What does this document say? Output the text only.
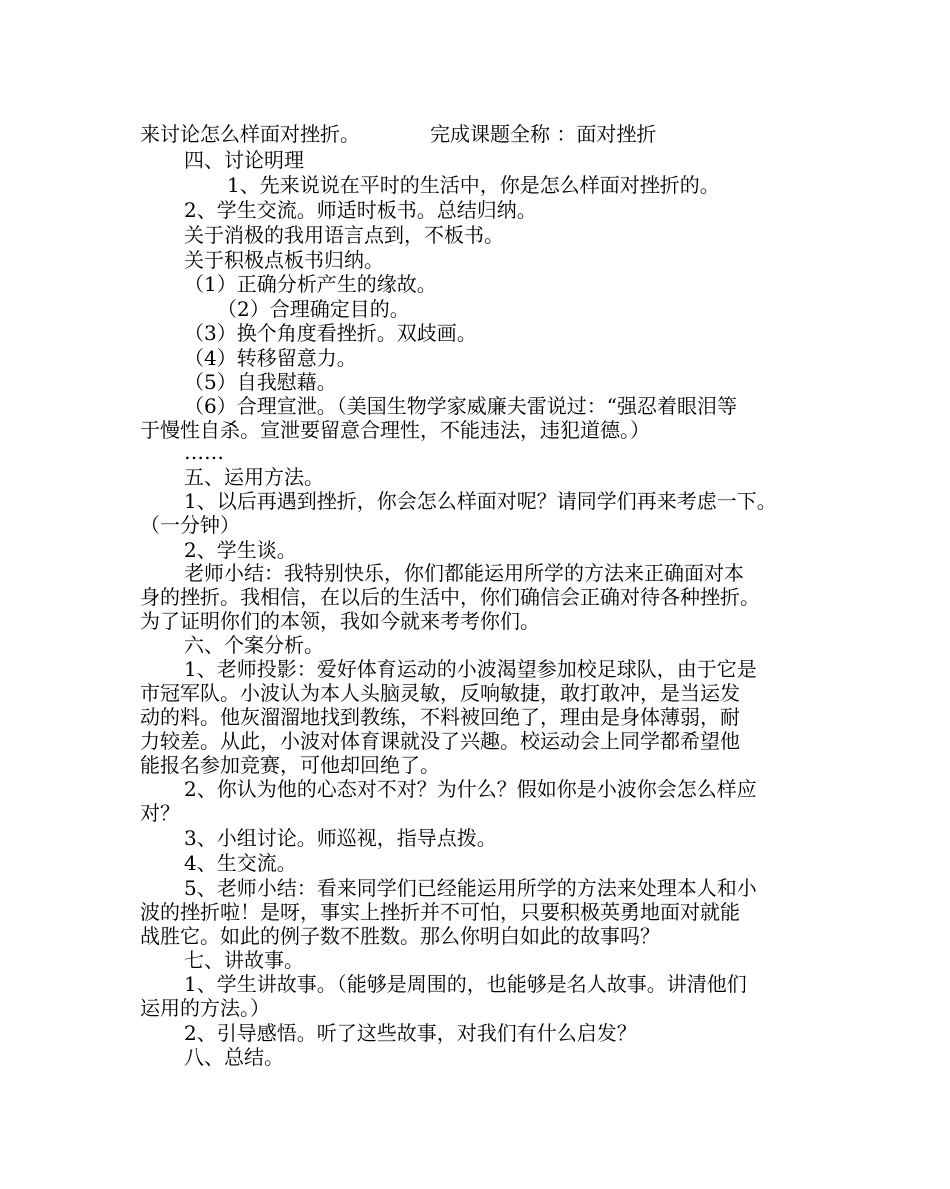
来讨论怎么样面对挫折。	完成课题全称 ：面对挫折
四、讨论明理
1、先来说说在平时的生活中，你是怎么样面对挫折的。
2、学生交流。师适时板书。总结归纳。
关于消极的我用语言点到，不板书。
关于积极点板书归纳。
（1）正确分析产生的缘故。
（2）合理确定目的。
（3）换个角度看挫折。双歧画。
（4）转移留意力。
（5）自我慰藉。
（6）合理宣泄。（美国生物学家威廉夫雷说过：“强忍着眼泪等
于慢性自杀。宣泄要留意合理性，不能违法，违犯道德。）
……
五、运用方法。
1、以后再遇到挫折，你会怎么样面对呢？请同学们再来考虑一下。
（一分钟）
2、学生谈。
老师小结：我特别快乐，你们都能运用所学的方法来正确面对本
身的挫折。我相信，在以后的生活中，你们确信会正确对待各种挫折。
为了证明你们的本领，我如今就来考考你们。
六、个案分析。
1、老师投影：爱好体育运动的小波渴望参加校足球队，由于它是
市冠军队。小波认为本人头脑灵敏，反响敏捷，敢打敢冲，是当运发
动的料。他灰溜溜地找到教练，不料被回绝了，理由是身体薄弱，耐
力较差。从此，小波对体育课就没了兴趣。校运动会上同学都希望他
能报名参加竞赛，可他却回绝了。
2、你认为他的心态对不对？为什么？假如你是小波你会怎么样应
对？
3、小组讨论。师巡视，指导点拨。
4、生交流。
5、老师小结：看来同学们已经能运用所学的方法来处理本人和小
波的挫折啦！是呀，事实上挫折并不可怕，只要积极英勇地面对就能
战胜它。如此的例子数不胜数。那么你明白如此的故事吗？
七、讲故事。
1、学生讲故事。（能够是周围的，也能够是名人故事。讲清他们
运用的方法。）
2、引导感悟。听了这些故事，对我们有什么启发？
八、总结。
